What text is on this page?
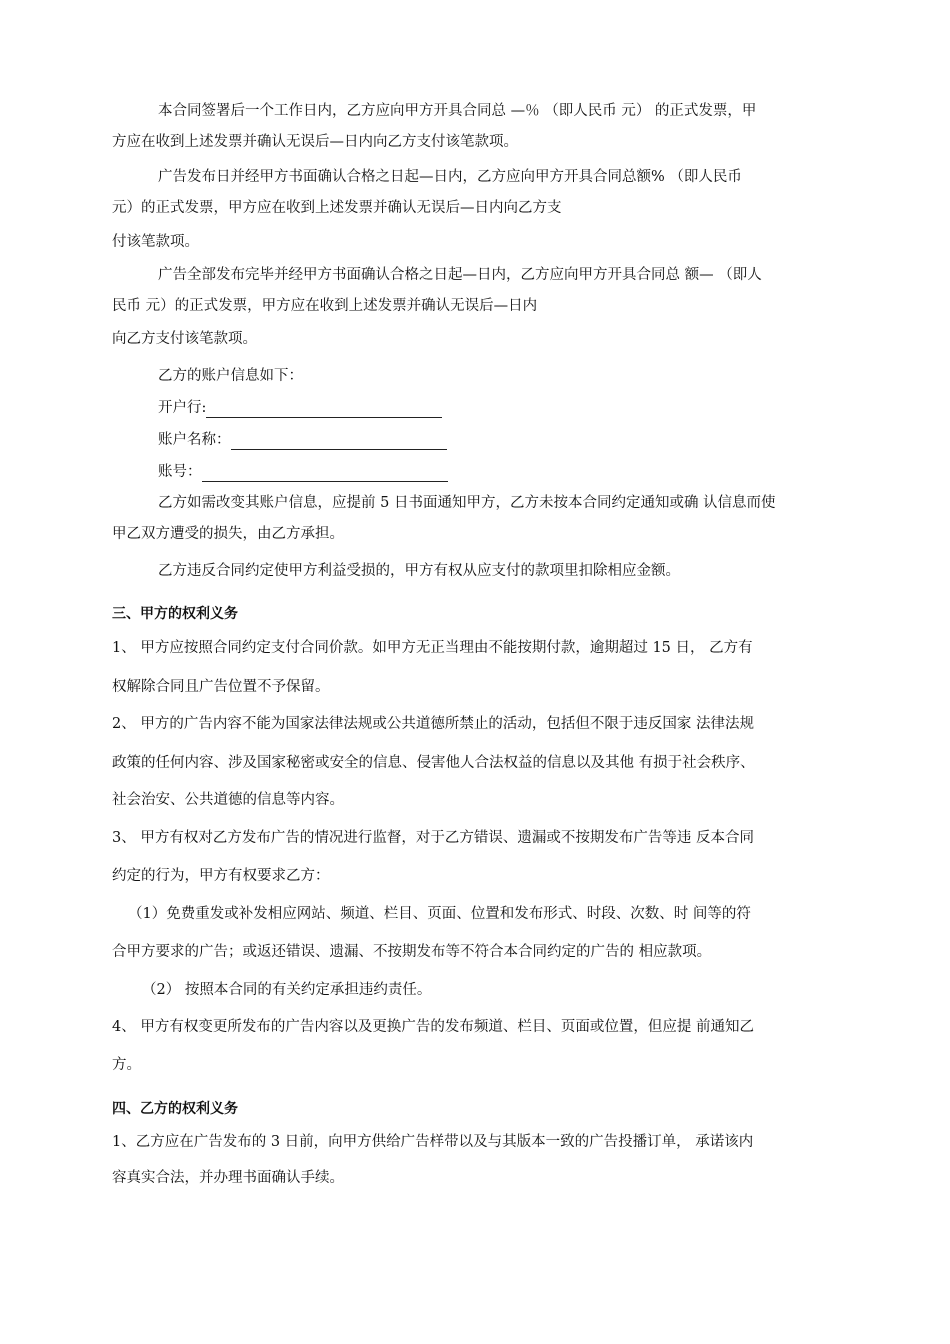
本合同签署后一个工作日内，乙方应向甲方开具合同总 —％ （即人民币 元） 的正式发票，甲
方应在收到上述发票并确认无误后—日内向乙方支付该笔款项。
广告发布日并经甲方书面确认合格之日起—日内，乙方应向甲方开具合同总额% （即人民币
元）的正式发票，甲方应在收到上述发票并确认无误后—日内向乙方支
付该笔款项。
广告全部发布完毕并经甲方书面确认合格之日起—日内，乙方应向甲方开具合同总 额— （即人
民币 元）的正式发票，甲方应在收到上述发票并确认无误后—日内
向乙方支付该笔款项。
乙方的账户信息如下：
开户行:
账户名称：
账号：
乙方如需改变其账户信息，应提前 5 日书面通知甲方，乙方未按本合同约定通知或确 认信息而使
甲乙双方遭受的损失，由乙方承担。
乙方违反合同约定使甲方利益受损的，甲方有权从应支付的款项里扣除相应金额。
三、甲方的权利义务
1、 甲方应按照合同约定支付合同价款。如甲方无正当理由不能按期付款，逾期超过 15 日， 乙方有
权解除合同且广告位置不予保留。
2、 甲方的广告内容不能为国家法律法规或公共道德所禁止的活动，包括但不限于违反国家 法律法规
政策的任何内容、涉及国家秘密或安全的信息、侵害他人合法权益的信息以及其他 有损于社会秩序、
社会治安、公共道德的信息等内容。
3、 甲方有权对乙方发布广告的情况进行监督，对于乙方错误、遗漏或不按期发布广告等违 反本合同
约定的行为，甲方有权要求乙方：
（1）免费重发或补发相应网站、频道、栏目、页面、位置和发布形式、时段、次数、时 间等的符
合甲方要求的广告；或返还错误、遗漏、不按期发布等不符合本合同约定的广告的 相应款项。
（2） 按照本合同的有关约定承担违约责任。
4、 甲方有权变更所发布的广告内容以及更换广告的发布频道、栏目、页面或位置，但应提 前通知乙
方。
四、乙方的权利义务
1、乙方应在广告发布的 3 日前，向甲方供给广告样带以及与其版本一致的广告投播订单， 承诺该内
容真实合法，并办理书面确认手续。
